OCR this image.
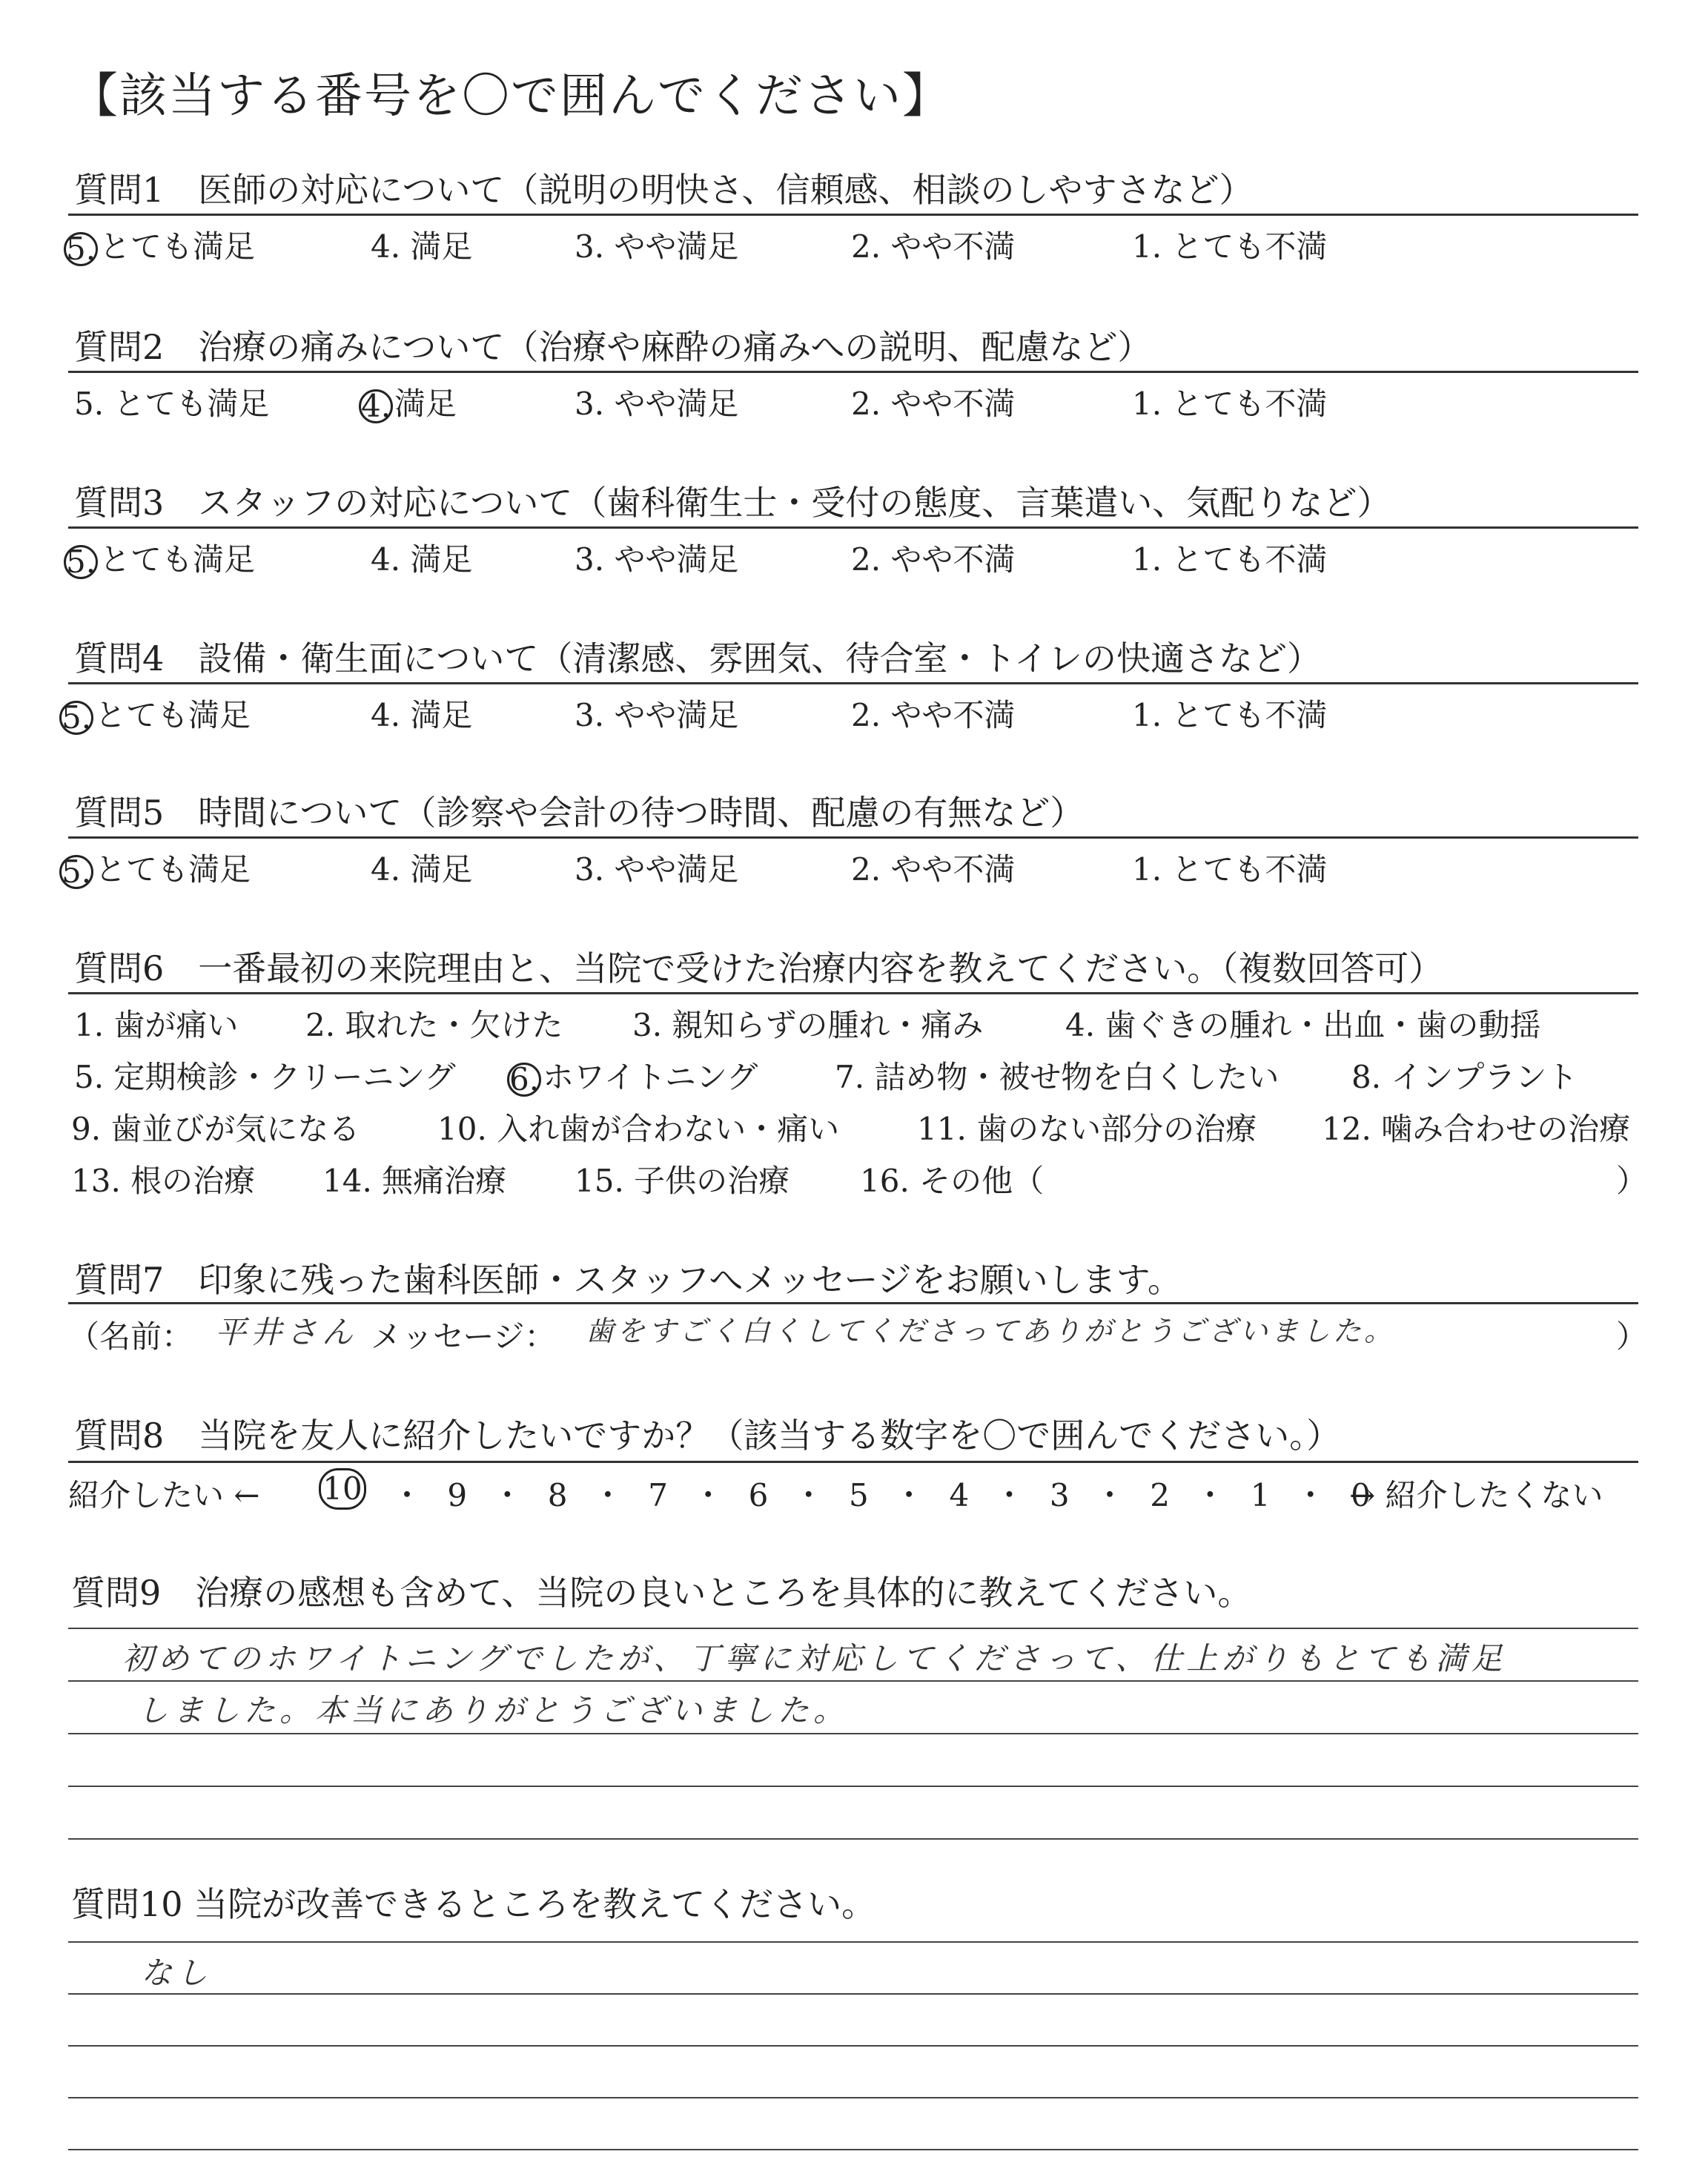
【該当する番号を〇で囲んでください】
質問1　医師の対応について（説明の明快さ、信頼感、相談のしやすさなど）
5. とても満足	4. 満足	3. やや満足	2. やや不満	1. とても不満
質問2　治療の痛みについて（治療や麻酔の痛みへの説明、配慮など）
5. とても満足	4. 満足	3. やや満足	2. やや不満	1. とても不満
質問3　スタッフの対応について（歯科衛生士・受付の態度、言葉遣い、気配りなど）
5. とても満足	4. 満足	3. やや満足	2. やや不満	1. とても不満
質問4　設備・衛生面について（清潔感、雰囲気、待合室・トイレの快適さなど）
5. とても満足	4. 満足	3. やや満足	2. やや不満	1. とても不満
質問5　時間について（診察や会計の待つ時間、配慮の有無など）
5. とても満足	4. 満足	3. やや満足	2. やや不満	1. とても不満
質問6　一番最初の来院理由と、当院で受けた治療内容を教えてください。（複数回答可）
1. 歯が痛い 2. 取れた・欠けた 3. 親知らずの腫れ・痛み	4. 歯ぐきの腫れ・出血・歯の動揺
5. 定期検診・クリーニング 6. ホワイトニング 7. 詰め物・被せ物を白くしたい 8. インプラント
9. 歯並びが気になる 10. 入れ歯が合わない・痛い 11. 歯のない部分の治療 12. 噛み合わせの治療
13. 根の治療 14. 無痛治療 15. 子供の治療 16. その他（	）
質問7　印象に残った歯科医師・スタッフへメッセージをお願いします。
（名前： 平井さん メッセージ： 歯をすごく白くしてくださってありがとうございました。	）
質問8　当院を友人に紹介したいですか？（該当する数字を〇で囲んでください。）
紹介したい ← 10 ・ 9 ・ 8 ・ 7 ・ 6 ・ 5 ・ 4 ・ 3 ・ 2 ・ 1 ・ 0
→ 紹介したくない
質問9　治療の感想も含めて、当院の良いところを具体的に教えてください。
初めてのホワイトニングでしたが、丁寧に対応してくださって、仕上がりもとても満足
しました。本当にありがとうございました。
質問10 当院が改善できるところを教えてください。
なし
